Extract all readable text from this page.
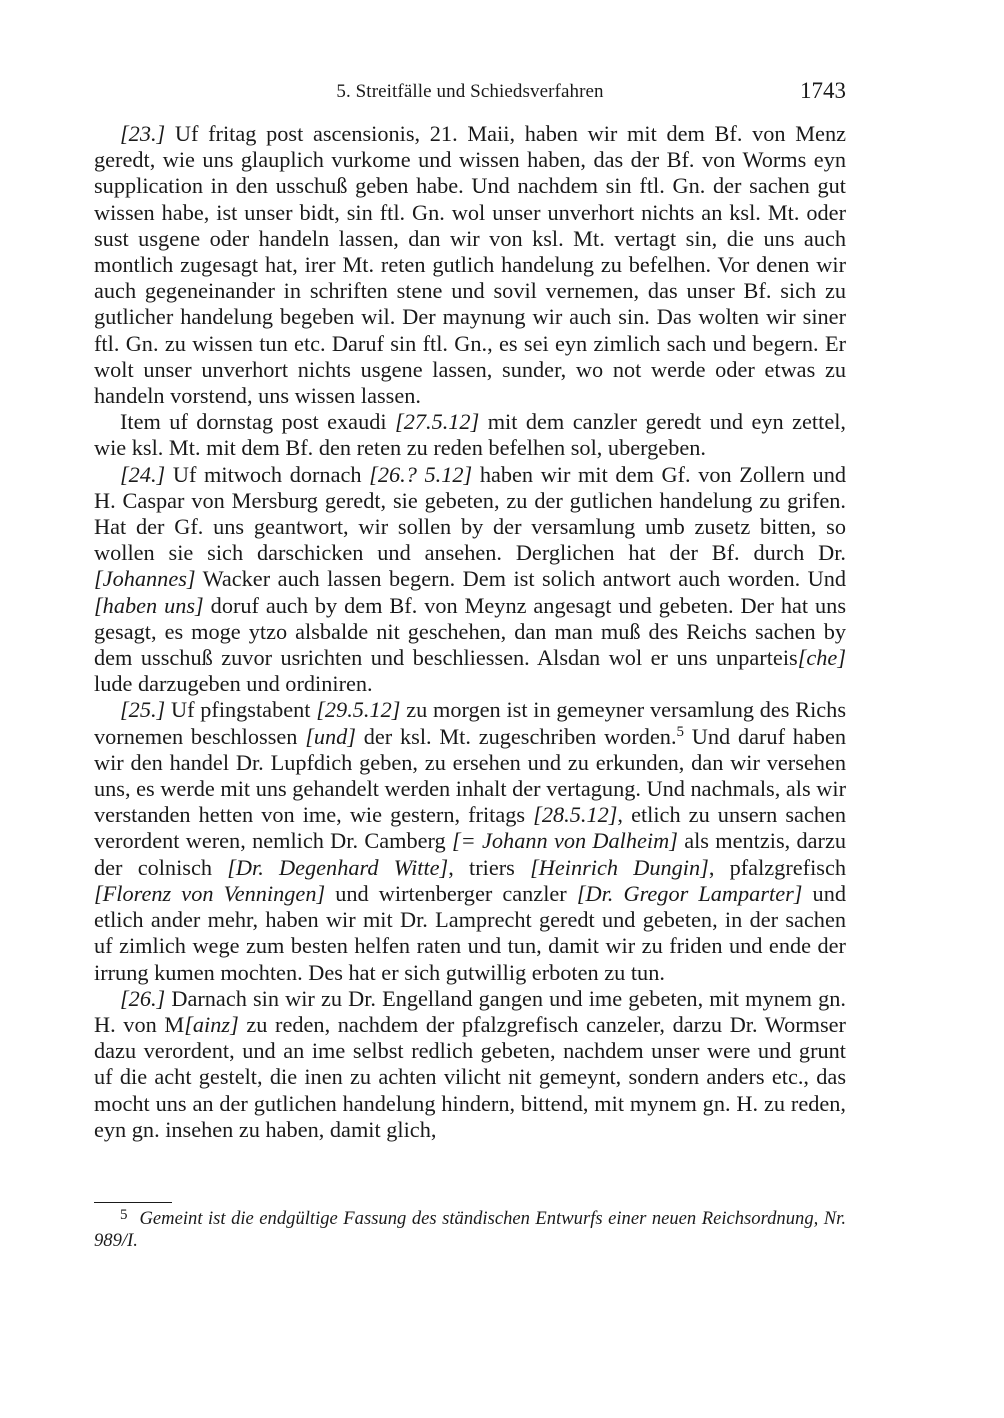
5. Streitfälle und Schiedsverfahren	1743

[23.] Uf fritag post ascensionis, 21. Maii, haben wir mit dem Bf. von Menz geredt, wie uns glauplich vurkome und wissen haben, das der Bf. von Worms eyn supplication in den usschuß geben habe. Und nachdem sin ftl. Gn. der sachen gut wissen habe, ist unser bidt, sin ftl. Gn. wol unser unverhort nichts an ksl. Mt. oder sust usgene oder handeln lassen, dan wir von ksl. Mt. vertagt sin, die uns auch montlich zugesagt hat, irer Mt. reten gutlich handelung zu befelhen. Vor denen wir auch gegeneinander in schriften stene und sovil vernemen, das unser Bf. sich zu gutlicher handelung begeben wil. Der maynung wir auch sin. Das wolten wir siner ftl. Gn. zu wissen tun etc. Daruf sin ftl. Gn., es sei eyn zimlich sach und begern. Er wolt unser unverhort nichts usgene lassen, sunder, wo not werde oder etwas zu handeln vorstend, uns wissen lassen.

Item uf dornstag post exaudi [27.5.12] mit dem canzler geredt und eyn zettel, wie ksl. Mt. mit dem Bf. den reten zu reden befelhen sol, ubergeben.

[24.] Uf mitwoch dornach [26.? 5.12] haben wir mit dem Gf. von Zollern und H. Caspar von Mersburg geredt, sie gebeten, zu der gutlichen handelung zu grifen. Hat der Gf. uns geantwort, wir sollen by der versamlung umb zusetz bitten, so wollen sie sich darschicken und ansehen. Derglichen hat der Bf. durch Dr. [Johannes] Wacker auch lassen begern. Dem ist solich antwort auch worden. Und [haben uns] doruf auch by dem Bf. von Meynz angesagt und gebeten. Der hat uns gesagt, es moge ytzo alsbalde nit geschehen, dan man muß des Reichs sachen by dem usschuß zuvor usrichten und beschliessen. Alsdan wol er uns unparteis[che] lude darzugeben und ordiniren.

[25.] Uf pfingstabent [29.5.12] zu morgen ist in gemeyner versamlung des Richs vornemen beschlossen [und] der ksl. Mt. zugeschriben worden.$^5$ Und daruf haben wir den handel Dr. Lupfdich geben, zu ersehen und zu erkunden, dan wir versehen uns, es werde mit uns gehandelt werden inhalt der vertagung. Und nachmals, als wir verstanden hetten von ime, wie gestern, fritags [28.5.12], etlich zu unsern sachen verordent weren, nemlich Dr. Camberg [= Johann von Dalheim] als mentzis, darzu der colnisch [Dr. Degenhard Witte], triers [Heinrich Dungin], pfalzgrefisch [Florenz von Venningen] und wirtenberger canzler [Dr. Gregor Lamparter] und etlich ander mehr, haben wir mit Dr. Lamprecht geredt und gebeten, in der sachen uf zimlich wege zum besten helfen raten und tun, damit wir zu friden und ende der irrung kumen mochten. Des hat er sich gutwillig erboten zu tun.

[26.] Darnach sin wir zu Dr. Engelland gangen und ime gebeten, mit mynem gn. H. von M[ainz] zu reden, nachdem der pfalzgrefisch canzeler, darzu Dr. Wormser dazu verordent, und an ime selbst redlich gebeten, nachdem unser were und grunt uf die acht gestelt, die inen zu achten vilicht nit gemeynt, sondern anders etc., das mocht uns an der gutlichen handelung hindern, bittend, mit mynem gn. H. zu reden, eyn gn. insehen zu haben, damit glich,

$^5$ Gemeint ist die endgültige Fassung des ständischen Entwurfs einer neuen Reichsordnung, Nr. 989/I.
